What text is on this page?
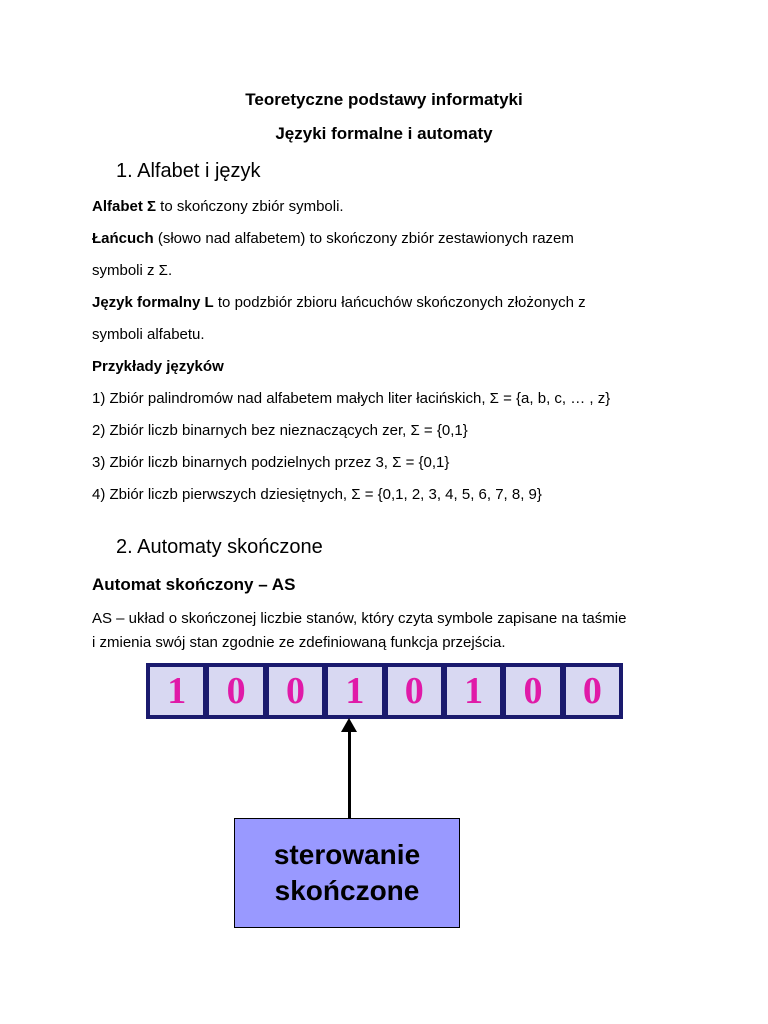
Teoretyczne podstawy informatyki
Języki formalne i automaty
1. Alfabet i język
Alfabet Σ to skończony zbiór symboli.
Łańcuch (słowo nad alfabetem) to skończony zbiór zestawionych razem
symboli z Σ.
Język formalny L to podzbiór zbioru łańcuchów skończonych złożonych z
symboli alfabetu.
Przykłady języków
1) Zbiór palindromów nad alfabetem małych liter łacińskich, Σ = {a, b, c, … , z}
2) Zbiór liczb binarnych bez nieznaczących zer, Σ = {0,1}
3) Zbiór liczb binarnych podzielnych przez 3, Σ = {0,1}
4) Zbiór liczb pierwszych dziesiętnych, Σ = {0,1, 2, 3, 4, 5, 6, 7, 8, 9}
2. Automaty skończone
Automat skończony – AS
AS – układ o skończonej liczbie stanów, który czyta symbole zapisane na taśmie
i zmienia swój stan zgodnie ze zdefiniowaną funkcja przejścia.
1	0	0	1	0	1	0	0
sterowanie
skończone
